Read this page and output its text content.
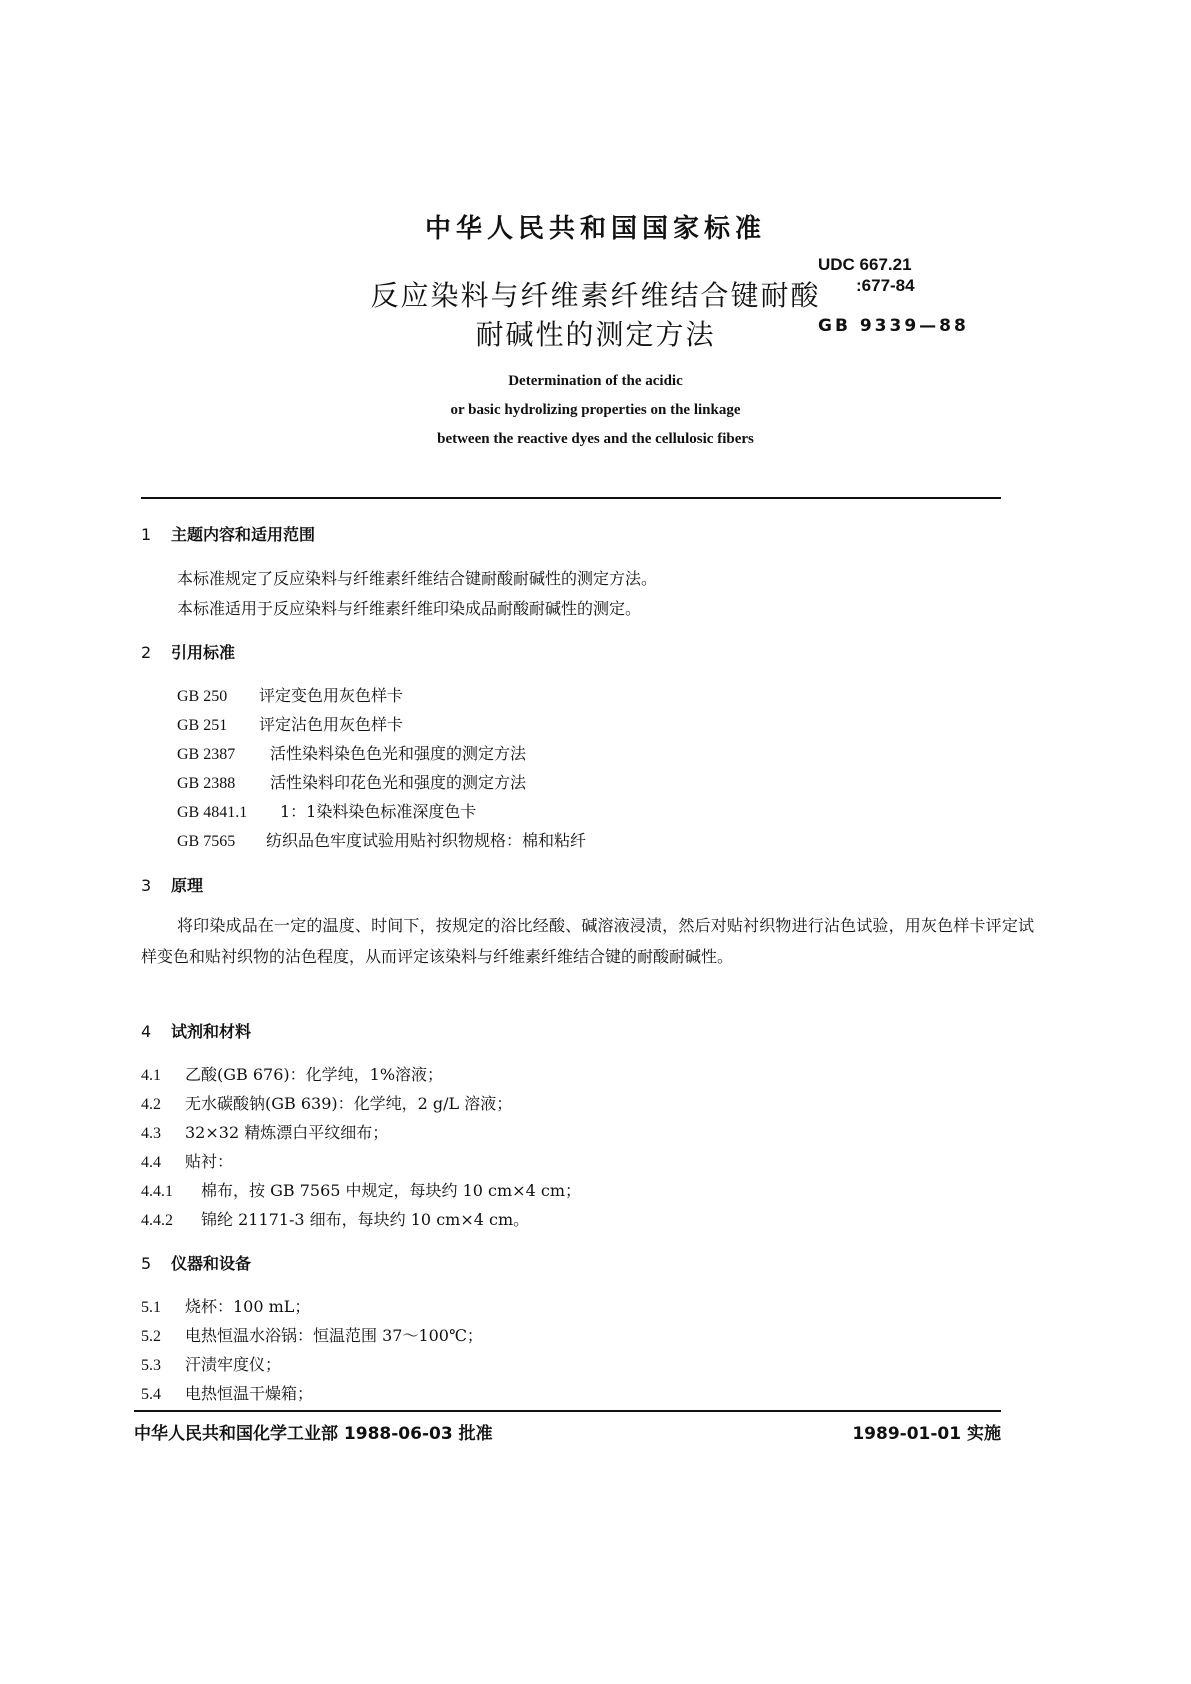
中华人民共和国国家标准
反应染料与纤维素纤维结合键耐酸
耐碱性的测定方法
UDC 667.21
:677-84
GB 9339—88
Determination of the acidic
or basic hydrolizing properties on the linkage
between the reactive dyes and the cellulosic fibers
1 主题内容和适用范围
本标准规定了反应染料与纤维素纤维结合键耐酸耐碱性的测定方法。
本标准适用于反应染料与纤维素纤维印染成品耐酸耐碱性的测定。
2 引用标准
GB 250 评定变色用灰色样卡
GB 251 评定沾色用灰色样卡
GB 2387 活性染料染色色光和强度的测定方法
GB 2388 活性染料印花色光和强度的测定方法
GB 4841.1 1：1染料染色标准深度色卡
GB 7565 纺织品色牢度试验用贴衬织物规格：棉和粘纤
3 原理
将印染成品在一定的温度、时间下，按规定的浴比经酸、碱溶液浸渍，然后对贴衬织物进行沾色试验，用灰色样卡评定试样变色和贴衬织物的沾色程度，从而评定该染料与纤维素纤维结合键的耐酸耐碱性。
4 试剂和材料
4.1 乙酸(GB 676)：化学纯，1%溶液；
4.2 无水碳酸钠(GB 639)：化学纯，2 g/L 溶液；
4.3 32×32 精炼漂白平纹细布；
4.4 贴衬：
4.4.1 棉布，按 GB 7565 中规定，每块约 10 cm×4 cm；
4.4.2 锦纶 21171-3 细布，每块约 10 cm×4 cm。
5 仪器和设备
5.1 烧杯：100 mL；
5.2 电热恒温水浴锅：恒温范围 37～100℃；
5.3 汗渍牢度仪；
5.4 电热恒温干燥箱；
中华人民共和国化学工业部 1988-06-03 批准	1989-01-01 实施
